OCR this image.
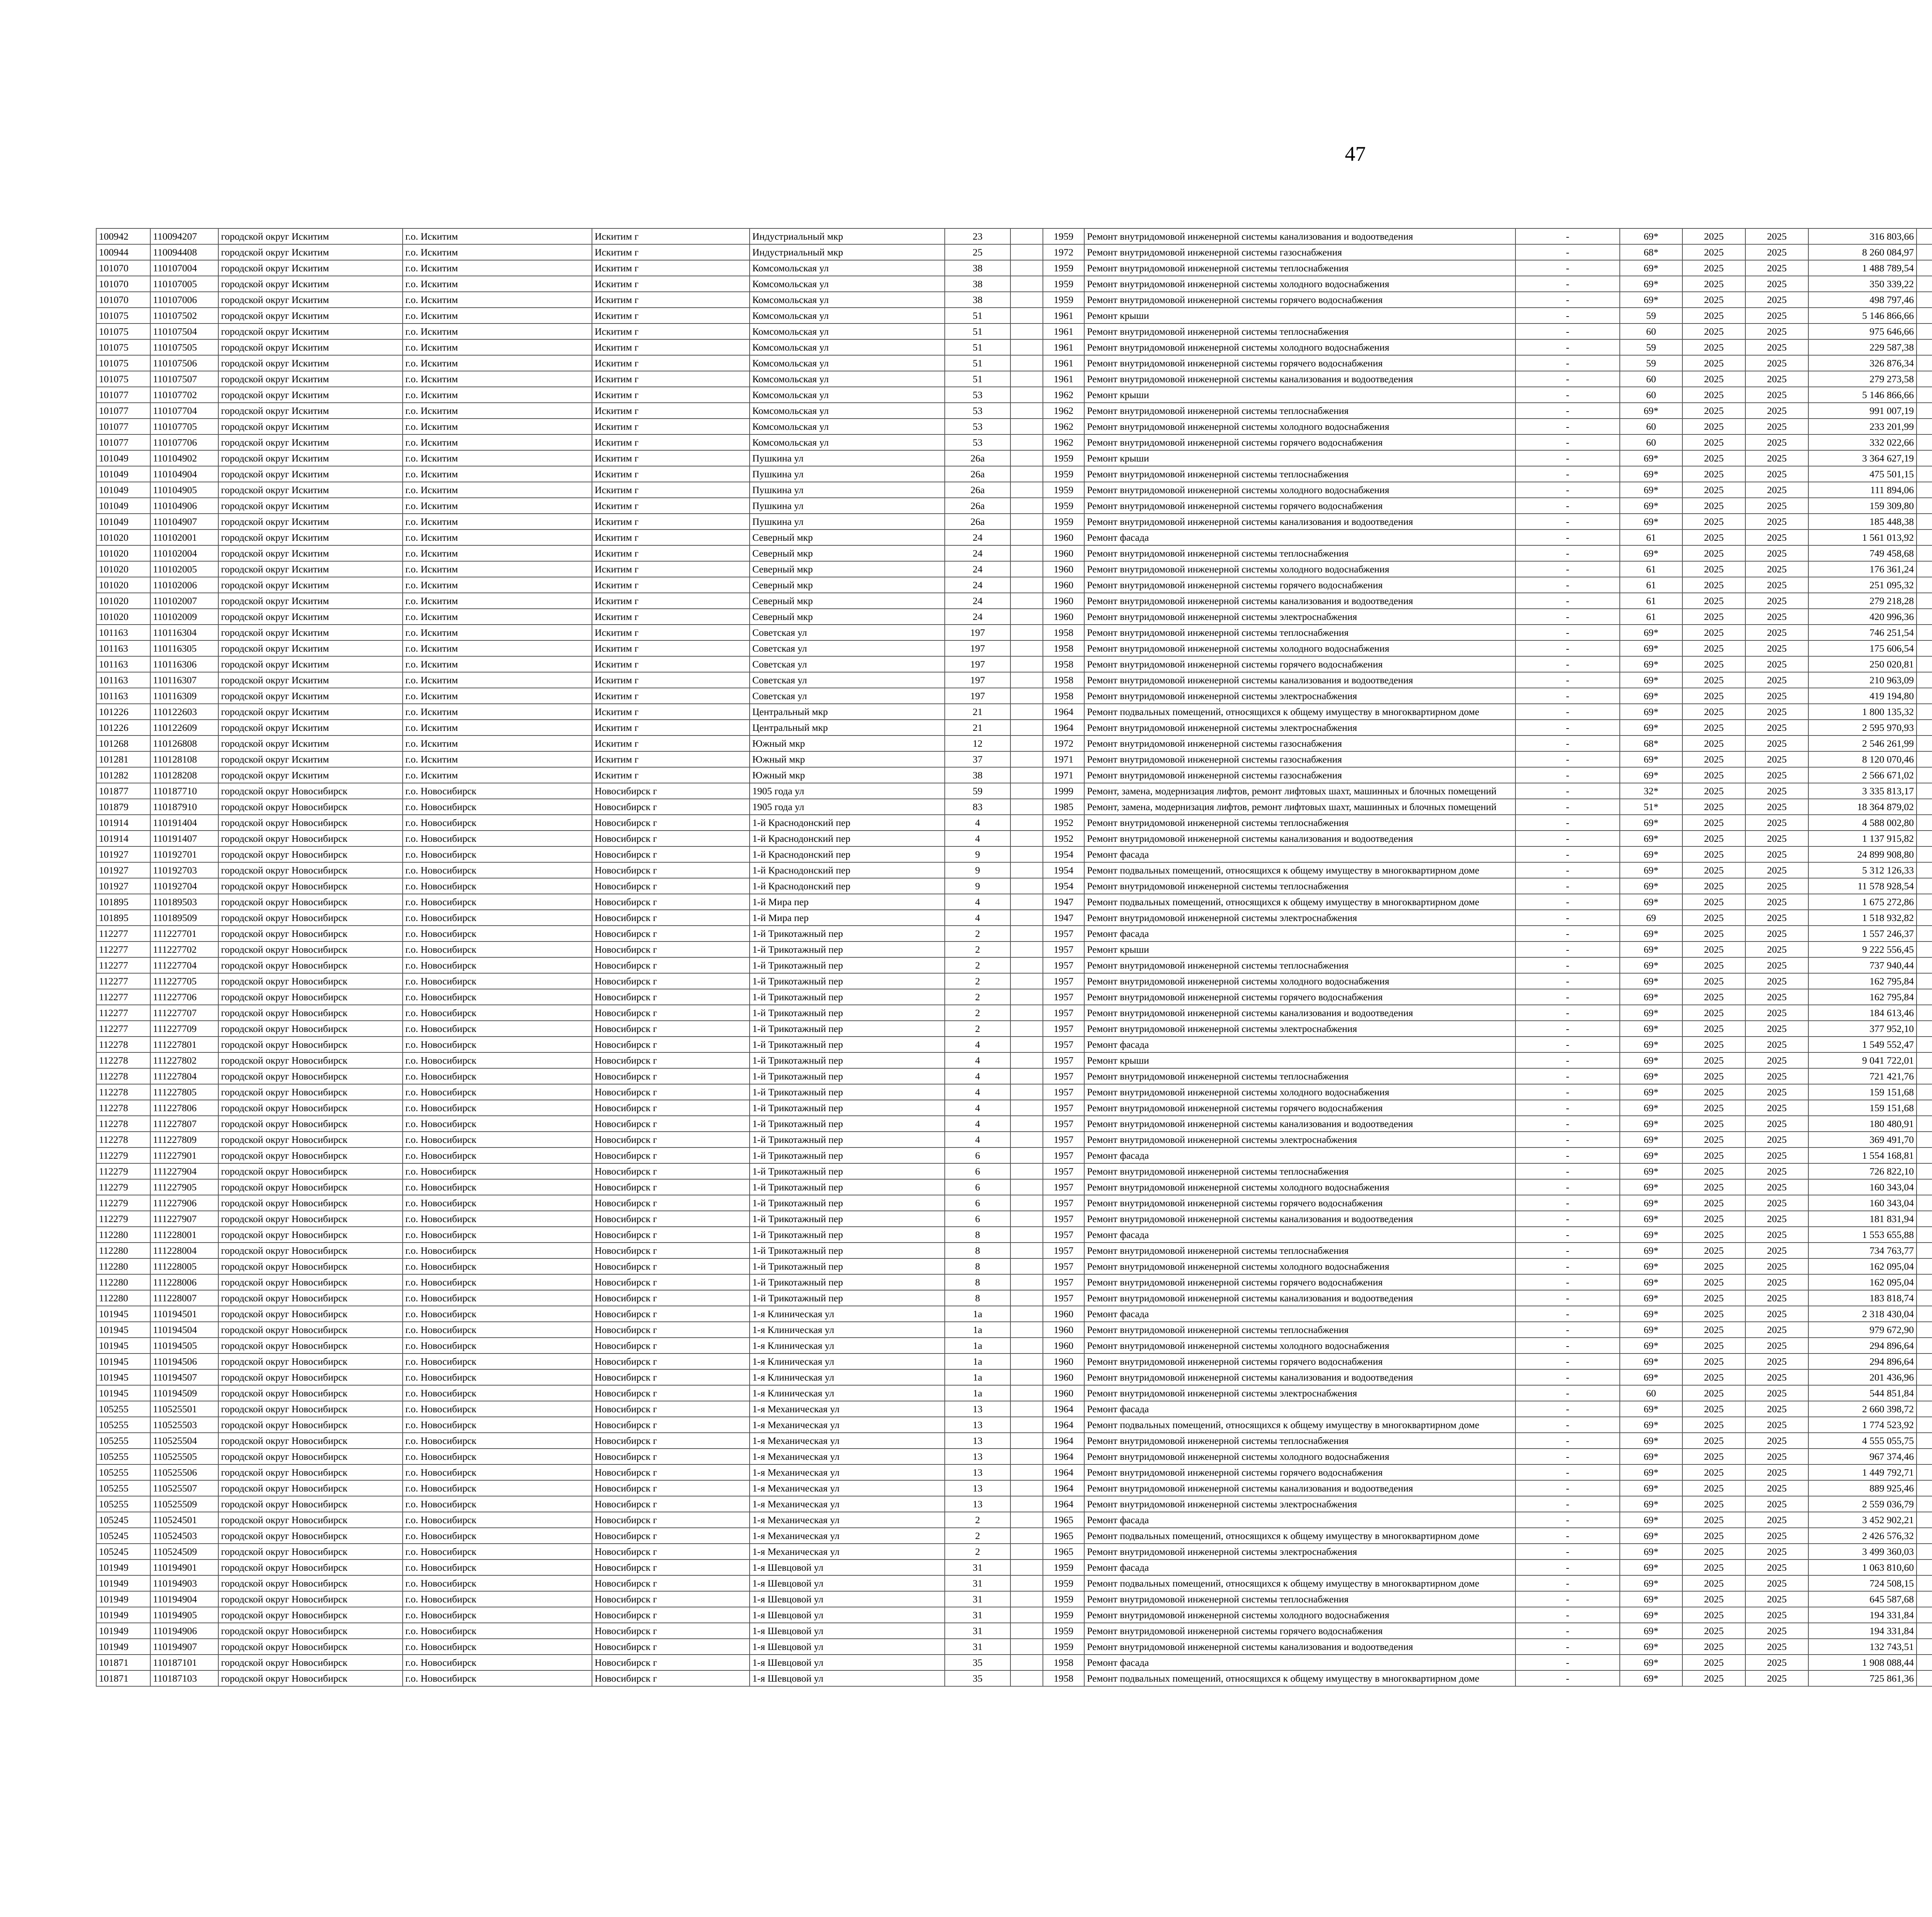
47
100942	110094207	городской округ Искитим	г.о. Искитим	Искитим г	Индустриальный мкр	23		1959	Ремонт внутридомовой инженерной системы канализования и водоотведения	-	69*	2025	2025	316 803,66							
100944	110094408	городской округ Искитим	г.о. Искитим	Искитим г	Индустриальный мкр	25		1972	Ремонт внутридомовой инженерной системы газоснабжения	-	68*	2025	2025	8 260 084,97							
101070	110107004	городской округ Искитим	г.о. Искитим	Искитим г	Комсомольская ул	38		1959	Ремонт внутридомовой инженерной системы теплоснабжения	-	69*	2025	2025	1 488 789,54							
101070	110107005	городской округ Искитим	г.о. Искитим	Искитим г	Комсомольская ул	38		1959	Ремонт внутридомовой инженерной системы холодного водоснабжения	-	69*	2025	2025	350 339,22							
101070	110107006	городской округ Искитим	г.о. Искитим	Искитим г	Комсомольская ул	38		1959	Ремонт внутридомовой инженерной системы горячего водоснабжения	-	69*	2025	2025	498 797,46							
101075	110107502	городской округ Искитим	г.о. Искитим	Искитим г	Комсомольская ул	51		1961	Ремонт крыши	-	59	2025	2025	5 146 866,66							
101075	110107504	городской округ Искитим	г.о. Искитим	Искитим г	Комсомольская ул	51		1961	Ремонт внутридомовой инженерной системы теплоснабжения	-	60	2025	2025	975 646,66							
101075	110107505	городской округ Искитим	г.о. Искитим	Искитим г	Комсомольская ул	51		1961	Ремонт внутридомовой инженерной системы холодного водоснабжения	-	59	2025	2025	229 587,38							
101075	110107506	городской округ Искитим	г.о. Искитим	Искитим г	Комсомольская ул	51		1961	Ремонт внутридомовой инженерной системы горячего водоснабжения	-	59	2025	2025	326 876,34							
101075	110107507	городской округ Искитим	г.о. Искитим	Искитим г	Комсомольская ул	51		1961	Ремонт внутридомовой инженерной системы канализования и водоотведения	-	60	2025	2025	279 273,58							
101077	110107702	городской округ Искитим	г.о. Искитим	Искитим г	Комсомольская ул	53		1962	Ремонт крыши	-	60	2025	2025	5 146 866,66							
101077	110107704	городской округ Искитим	г.о. Искитим	Искитим г	Комсомольская ул	53		1962	Ремонт внутридомовой инженерной системы теплоснабжения	-	69*	2025	2025	991 007,19							
101077	110107705	городской округ Искитим	г.о. Искитим	Искитим г	Комсомольская ул	53		1962	Ремонт внутридомовой инженерной системы холодного водоснабжения	-	60	2025	2025	233 201,99							
101077	110107706	городской округ Искитим	г.о. Искитим	Искитим г	Комсомольская ул	53		1962	Ремонт внутридомовой инженерной системы горячего водоснабжения	-	60	2025	2025	332 022,66							
101049	110104902	городской округ Искитим	г.о. Искитим	Искитим г	Пушкина ул	26а		1959	Ремонт крыши	-	69*	2025	2025	3 364 627,19							
101049	110104904	городской округ Искитим	г.о. Искитим	Искитим г	Пушкина ул	26а		1959	Ремонт внутридомовой инженерной системы теплоснабжения	-	69*	2025	2025	475 501,15							
101049	110104905	городской округ Искитим	г.о. Искитим	Искитим г	Пушкина ул	26а		1959	Ремонт внутридомовой инженерной системы холодного водоснабжения	-	69*	2025	2025	111 894,06							
101049	110104906	городской округ Искитим	г.о. Искитим	Искитим г	Пушкина ул	26а		1959	Ремонт внутридомовой инженерной системы горячего водоснабжения	-	69*	2025	2025	159 309,80							
101049	110104907	городской округ Искитим	г.о. Искитим	Искитим г	Пушкина ул	26а		1959	Ремонт внутридомовой инженерной системы канализования и водоотведения	-	69*	2025	2025	185 448,38							
101020	110102001	городской округ Искитим	г.о. Искитим	Искитим г	Северный мкр	24		1960	Ремонт фасада	-	61	2025	2025	1 561 013,92							
101020	110102004	городской округ Искитим	г.о. Искитим	Искитим г	Северный мкр	24		1960	Ремонт внутридомовой инженерной системы теплоснабжения	-	69*	2025	2025	749 458,68							
101020	110102005	городской округ Искитим	г.о. Искитим	Искитим г	Северный мкр	24		1960	Ремонт внутридомовой инженерной системы холодного водоснабжения	-	61	2025	2025	176 361,24							
101020	110102006	городской округ Искитим	г.о. Искитим	Искитим г	Северный мкр	24		1960	Ремонт внутридомовой инженерной системы горячего водоснабжения	-	61	2025	2025	251 095,32							
101020	110102007	городской округ Искитим	г.о. Искитим	Искитим г	Северный мкр	24		1960	Ремонт внутридомовой инженерной системы канализования и водоотведения	-	61	2025	2025	279 218,28							
101020	110102009	городской округ Искитим	г.о. Искитим	Искитим г	Северный мкр	24		1960	Ремонт внутридомовой инженерной системы электроснабжения	-	61	2025	2025	420 996,36							
101163	110116304	городской округ Искитим	г.о. Искитим	Искитим г	Советская ул	197		1958	Ремонт внутридомовой инженерной системы теплоснабжения	-	69*	2025	2025	746 251,54							
101163	110116305	городской округ Искитим	г.о. Искитим	Искитим г	Советская ул	197		1958	Ремонт внутридомовой инженерной системы холодного водоснабжения	-	69*	2025	2025	175 606,54							
101163	110116306	городской округ Искитим	г.о. Искитим	Искитим г	Советская ул	197		1958	Ремонт внутридомовой инженерной системы горячего водоснабжения	-	69*	2025	2025	250 020,81							
101163	110116307	городской округ Искитим	г.о. Искитим	Искитим г	Советская ул	197		1958	Ремонт внутридомовой инженерной системы канализования и водоотведения	-	69*	2025	2025	210 963,09							
101163	110116309	городской округ Искитим	г.о. Искитим	Искитим г	Советская ул	197		1958	Ремонт внутридомовой инженерной системы электроснабжения	-	69*	2025	2025	419 194,80							
101226	110122603	городской округ Искитим	г.о. Искитим	Искитим г	Центральный мкр	21		1964	Ремонт подвальных помещений, относящихся к общему имуществу в многоквартирном доме	-	69*	2025	2025	1 800 135,32							
101226	110122609	городской округ Искитим	г.о. Искитим	Искитим г	Центральный мкр	21		1964	Ремонт внутридомовой инженерной системы электроснабжения	-	69*	2025	2025	2 595 970,93							
101268	110126808	городской округ Искитим	г.о. Искитим	Искитим г	Южный мкр	12		1972	Ремонт внутридомовой инженерной системы газоснабжения	-	68*	2025	2025	2 546 261,99							
101281	110128108	городской округ Искитим	г.о. Искитим	Искитим г	Южный мкр	37		1971	Ремонт внутридомовой инженерной системы газоснабжения	-	69*	2025	2025	8 120 070,46							
101282	110128208	городской округ Искитим	г.о. Искитим	Искитим г	Южный мкр	38		1971	Ремонт внутридомовой инженерной системы газоснабжения	-	69*	2025	2025	2 566 671,02							
101877	110187710	городской округ Новосибирск	г.о. Новосибирск	Новосибирск г	1905 года ул	59		1999	Ремонт, замена, модернизация лифтов, ремонт лифтовых шахт, машинных и блочных помещений	-	32*	2025	2025	3 335 813,17							
101879	110187910	городской округ Новосибирск	г.о. Новосибирск	Новосибирск г	1905 года ул	83		1985	Ремонт, замена, модернизация лифтов, ремонт лифтовых шахт, машинных и блочных помещений	-	51*	2025	2025	18 364 879,02							
101914	110191404	городской округ Новосибирск	г.о. Новосибирск	Новосибирск г	1-й Краснодонский пер	4		1952	Ремонт внутридомовой инженерной системы теплоснабжения	-	69*	2025	2025	4 588 002,80							
101914	110191407	городской округ Новосибирск	г.о. Новосибирск	Новосибирск г	1-й Краснодонский пер	4		1952	Ремонт внутридомовой инженерной системы канализования и водоотведения	-	69*	2025	2025	1 137 915,82							
101927	110192701	городской округ Новосибирск	г.о. Новосибирск	Новосибирск г	1-й Краснодонский пер	9		1954	Ремонт фасада	-	69*	2025	2025	24 899 908,80							
101927	110192703	городской округ Новосибирск	г.о. Новосибирск	Новосибирск г	1-й Краснодонский пер	9		1954	Ремонт подвальных помещений, относящихся к общему имуществу в многоквартирном доме	-	69*	2025	2025	5 312 126,33							
101927	110192704	городской округ Новосибирск	г.о. Новосибирск	Новосибирск г	1-й Краснодонский пер	9		1954	Ремонт внутридомовой инженерной системы теплоснабжения	-	69*	2025	2025	11 578 928,54							
101895	110189503	городской округ Новосибирск	г.о. Новосибирск	Новосибирск г	1-й Мира пер	4		1947	Ремонт подвальных помещений, относящихся к общему имуществу в многоквартирном доме	-	69*	2025	2025	1 675 272,86							
101895	110189509	городской округ Новосибирск	г.о. Новосибирск	Новосибирск г	1-й Мира пер	4		1947	Ремонт внутридомовой инженерной системы электроснабжения	-	69	2025	2025	1 518 932,82							
112277	111227701	городской округ Новосибирск	г.о. Новосибирск	Новосибирск г	1-й Трикотажный пер	2		1957	Ремонт фасада	-	69*	2025	2025	1 557 246,37							
112277	111227702	городской округ Новосибирск	г.о. Новосибирск	Новосибирск г	1-й Трикотажный пер	2		1957	Ремонт крыши	-	69*	2025	2025	9 222 556,45							
112277	111227704	городской округ Новосибирск	г.о. Новосибирск	Новосибирск г	1-й Трикотажный пер	2		1957	Ремонт внутридомовой инженерной системы теплоснабжения	-	69*	2025	2025	737 940,44							
112277	111227705	городской округ Новосибирск	г.о. Новосибирск	Новосибирск г	1-й Трикотажный пер	2		1957	Ремонт внутридомовой инженерной системы холодного водоснабжения	-	69*	2025	2025	162 795,84							
112277	111227706	городской округ Новосибирск	г.о. Новосибирск	Новосибирск г	1-й Трикотажный пер	2		1957	Ремонт внутридомовой инженерной системы горячего водоснабжения	-	69*	2025	2025	162 795,84							
112277	111227707	городской округ Новосибирск	г.о. Новосибирск	Новосибирск г	1-й Трикотажный пер	2		1957	Ремонт внутридомовой инженерной системы канализования и водоотведения	-	69*	2025	2025	184 613,46							
112277	111227709	городской округ Новосибирск	г.о. Новосибирск	Новосибирск г	1-й Трикотажный пер	2		1957	Ремонт внутридомовой инженерной системы электроснабжения	-	69*	2025	2025	377 952,10							
112278	111227801	городской округ Новосибирск	г.о. Новосибирск	Новосибирск г	1-й Трикотажный пер	4		1957	Ремонт фасада	-	69*	2025	2025	1 549 552,47							
112278	111227802	городской округ Новосибирск	г.о. Новосибирск	Новосибирск г	1-й Трикотажный пер	4		1957	Ремонт крыши	-	69*	2025	2025	9 041 722,01							
112278	111227804	городской округ Новосибирск	г.о. Новосибирск	Новосибирск г	1-й Трикотажный пер	4		1957	Ремонт внутридомовой инженерной системы теплоснабжения	-	69*	2025	2025	721 421,76							
112278	111227805	городской округ Новосибирск	г.о. Новосибирск	Новосибирск г	1-й Трикотажный пер	4		1957	Ремонт внутридомовой инженерной системы холодного водоснабжения	-	69*	2025	2025	159 151,68							
112278	111227806	городской округ Новосибирск	г.о. Новосибирск	Новосибирск г	1-й Трикотажный пер	4		1957	Ремонт внутридомовой инженерной системы горячего водоснабжения	-	69*	2025	2025	159 151,68							
112278	111227807	городской округ Новосибирск	г.о. Новосибирск	Новосибирск г	1-й Трикотажный пер	4		1957	Ремонт внутридомовой инженерной системы канализования и водоотведения	-	69*	2025	2025	180 480,91							
112278	111227809	городской округ Новосибирск	г.о. Новосибирск	Новосибирск г	1-й Трикотажный пер	4		1957	Ремонт внутридомовой инженерной системы электроснабжения	-	69*	2025	2025	369 491,70							
112279	111227901	городской округ Новосибирск	г.о. Новосибирск	Новосибирск г	1-й Трикотажный пер	6		1957	Ремонт фасада	-	69*	2025	2025	1 554 168,81							
112279	111227904	городской округ Новосибирск	г.о. Новосибирск	Новосибирск г	1-й Трикотажный пер	6		1957	Ремонт внутридомовой инженерной системы теплоснабжения	-	69*	2025	2025	726 822,10							
112279	111227905	городской округ Новосибирск	г.о. Новосибирск	Новосибирск г	1-й Трикотажный пер	6		1957	Ремонт внутридомовой инженерной системы холодного водоснабжения	-	69*	2025	2025	160 343,04							
112279	111227906	городской округ Новосибирск	г.о. Новосибирск	Новосибирск г	1-й Трикотажный пер	6		1957	Ремонт внутридомовой инженерной системы горячего водоснабжения	-	69*	2025	2025	160 343,04							
112279	111227907	городской округ Новосибирск	г.о. Новосибирск	Новосибирск г	1-й Трикотажный пер	6		1957	Ремонт внутридомовой инженерной системы канализования и водоотведения	-	69*	2025	2025	181 831,94							
112280	111228001	городской округ Новосибирск	г.о. Новосибирск	Новосибирск г	1-й Трикотажный пер	8		1957	Ремонт фасада	-	69*	2025	2025	1 553 655,88							
112280	111228004	городской округ Новосибирск	г.о. Новосибирск	Новосибирск г	1-й Трикотажный пер	8		1957	Ремонт внутридомовой инженерной системы теплоснабжения	-	69*	2025	2025	734 763,77							
112280	111228005	городской округ Новосибирск	г.о. Новосибирск	Новосибирск г	1-й Трикотажный пер	8		1957	Ремонт внутридомовой инженерной системы холодного водоснабжения	-	69*	2025	2025	162 095,04							
112280	111228006	городской округ Новосибирск	г.о. Новосибирск	Новосибирск г	1-й Трикотажный пер	8		1957	Ремонт внутридомовой инженерной системы горячего водоснабжения	-	69*	2025	2025	162 095,04							
112280	111228007	городской округ Новосибирск	г.о. Новосибирск	Новосибирск г	1-й Трикотажный пер	8		1957	Ремонт внутридомовой инженерной системы канализования и водоотведения	-	69*	2025	2025	183 818,74							
101945	110194501	городской округ Новосибирск	г.о. Новосибирск	Новосибирск г	1-я Клиническая ул	1а		1960	Ремонт фасада	-	69*	2025	2025	2 318 430,04							
101945	110194504	городской округ Новосибирск	г.о. Новосибирск	Новосибирск г	1-я Клиническая ул	1а		1960	Ремонт внутридомовой инженерной системы теплоснабжения	-	69*	2025	2025	979 672,90							
101945	110194505	городской округ Новосибирск	г.о. Новосибирск	Новосибирск г	1-я Клиническая ул	1а		1960	Ремонт внутридомовой инженерной системы холодного водоснабжения	-	69*	2025	2025	294 896,64							
101945	110194506	городской округ Новосибирск	г.о. Новосибирск	Новосибирск г	1-я Клиническая ул	1а		1960	Ремонт внутридомовой инженерной системы горячего водоснабжения	-	69*	2025	2025	294 896,64							
101945	110194507	городской округ Новосибирск	г.о. Новосибирск	Новосибирск г	1-я Клиническая ул	1а		1960	Ремонт внутридомовой инженерной системы канализования и водоотведения	-	69*	2025	2025	201 436,96							
101945	110194509	городской округ Новосибирск	г.о. Новосибирск	Новосибирск г	1-я Клиническая ул	1а		1960	Ремонт внутридомовой инженерной системы электроснабжения	-	60	2025	2025	544 851,84							
105255	110525501	городской округ Новосибирск	г.о. Новосибирск	Новосибирск г	1-я Механическая ул	13		1964	Ремонт фасада	-	69*	2025	2025	2 660 398,72							
105255	110525503	городской округ Новосибирск	г.о. Новосибирск	Новосибирск г	1-я Механическая ул	13		1964	Ремонт подвальных помещений, относящихся к общему имуществу в многоквартирном доме	-	69*	2025	2025	1 774 523,92							
105255	110525504	городской округ Новосибирск	г.о. Новосибирск	Новосибирск г	1-я Механическая ул	13		1964	Ремонт внутридомовой инженерной системы теплоснабжения	-	69*	2025	2025	4 555 055,75							
105255	110525505	городской округ Новосибирск	г.о. Новосибирск	Новосибирск г	1-я Механическая ул	13		1964	Ремонт внутридомовой инженерной системы холодного водоснабжения	-	69*	2025	2025	967 374,46							
105255	110525506	городской округ Новосибирск	г.о. Новосибирск	Новосибирск г	1-я Механическая ул	13		1964	Ремонт внутридомовой инженерной системы горячего водоснабжения	-	69*	2025	2025	1 449 792,71							
105255	110525507	городской округ Новосибирск	г.о. Новосибирск	Новосибирск г	1-я Механическая ул	13		1964	Ремонт внутридомовой инженерной системы канализования и водоотведения	-	69*	2025	2025	889 925,46							
105255	110525509	городской округ Новосибирск	г.о. Новосибирск	Новосибирск г	1-я Механическая ул	13		1964	Ремонт внутридомовой инженерной системы электроснабжения	-	69*	2025	2025	2 559 036,79							
105245	110524501	городской округ Новосибирск	г.о. Новосибирск	Новосибирск г	1-я Механическая ул	2		1965	Ремонт фасада	-	69*	2025	2025	3 452 902,21							
105245	110524503	городской округ Новосибирск	г.о. Новосибирск	Новосибирск г	1-я Механическая ул	2		1965	Ремонт подвальных помещений, относящихся к общему имуществу в многоквартирном доме	-	69*	2025	2025	2 426 576,32							
105245	110524509	городской округ Новосибирск	г.о. Новосибирск	Новосибирск г	1-я Механическая ул	2		1965	Ремонт внутридомовой инженерной системы электроснабжения	-	69*	2025	2025	3 499 360,03							
101949	110194901	городской округ Новосибирск	г.о. Новосибирск	Новосибирск г	1-я Шевцовой ул	31		1959	Ремонт фасада	-	69*	2025	2025	1 063 810,60							
101949	110194903	городской округ Новосибирск	г.о. Новосибирск	Новосибирск г	1-я Шевцовой ул	31		1959	Ремонт подвальных помещений, относящихся к общему имуществу в многоквартирном доме	-	69*	2025	2025	724 508,15							
101949	110194904	городской округ Новосибирск	г.о. Новосибирск	Новосибирск г	1-я Шевцовой ул	31		1959	Ремонт внутридомовой инженерной системы теплоснабжения	-	69*	2025	2025	645 587,68							
101949	110194905	городской округ Новосибирск	г.о. Новосибирск	Новосибирск г	1-я Шевцовой ул	31		1959	Ремонт внутридомовой инженерной системы холодного водоснабжения	-	69*	2025	2025	194 331,84							
101949	110194906	городской округ Новосибирск	г.о. Новосибирск	Новосибирск г	1-я Шевцовой ул	31		1959	Ремонт внутридомовой инженерной системы горячего водоснабжения	-	69*	2025	2025	194 331,84							
101949	110194907	городской округ Новосибирск	г.о. Новосибирск	Новосибирск г	1-я Шевцовой ул	31		1959	Ремонт внутридомовой инженерной системы канализования и водоотведения	-	69*	2025	2025	132 743,51							
101871	110187101	городской округ Новосибирск	г.о. Новосибирск	Новосибирск г	1-я Шевцовой ул	35		1958	Ремонт фасада	-	69*	2025	2025	1 908 088,44							
101871	110187103	городской округ Новосибирск	г.о. Новосибирск	Новосибирск г	1-я Шевцовой ул	35		1958	Ремонт подвальных помещений, относящихся к общему имуществу в многоквартирном доме	-	69*	2025	2025	725 861,36							
